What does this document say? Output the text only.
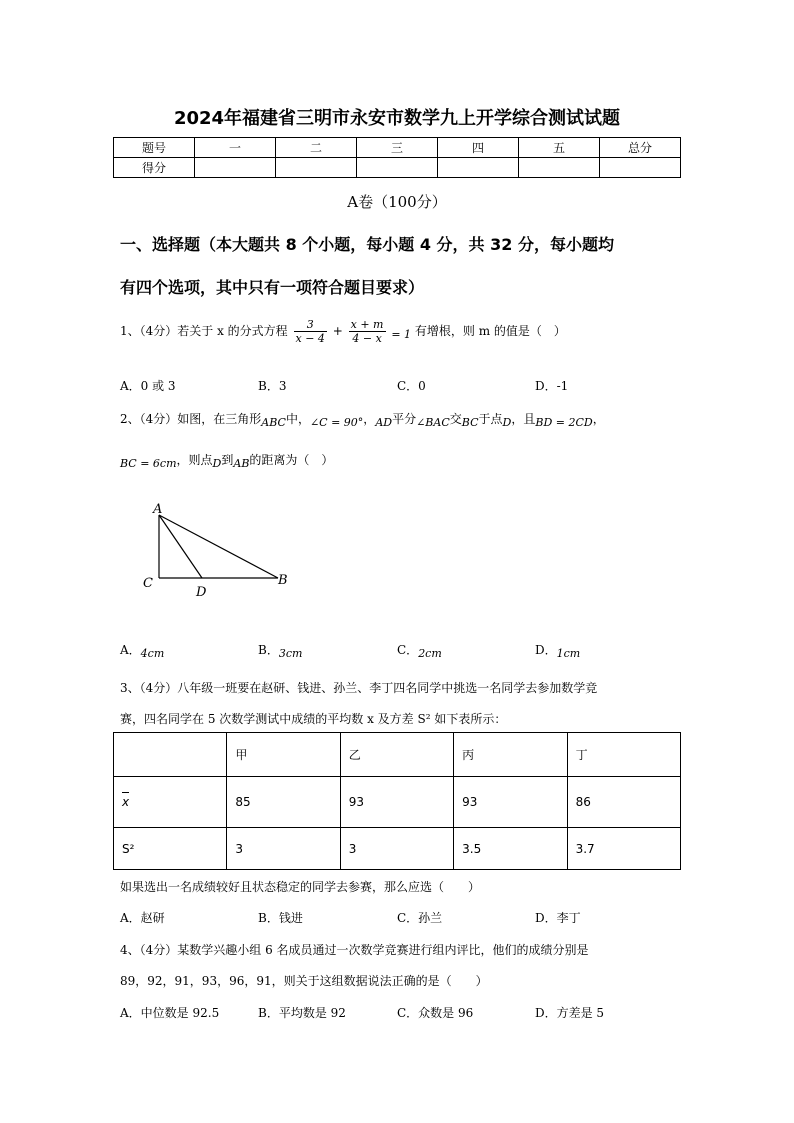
2024年福建省三明市永安市数学九上开学综合测试试题
题号	一	二	三	四	五	总分
得分						
A卷（100分）
一、选择题（本大题共 8 个小题，每小题 4 分，共 32 分，每小题均
有四个选项，其中只有一项符合题目要求）
1、（4分）若关于 x 的分式方程 $\frac{3}{x - 4} + \frac{x + m}{4 - x} = 1$ 有增根，则 m 的值是（　）
A．0 或 3	B．3	C．0	D．-1
2、（4分）如图，在三角形ABC中，∠C = 90°，AD平分∠BAC交BC于点D，且BD = 2CD，
BC = 6cm，则点D到AB的距离为（　）
A
C
D
B
A．4cm	B．3cm	C．2cm	D．1cm
3、（4分）八年级一班要在赵研、钱进、孙兰、李丁四名同学中挑选一名同学去参加数学竞
赛，四名同学在 5 次数学测试中成绩的平均数 x 及方差 S² 如下表所示：
	甲	乙	丙	丁
x	85	93	93	86
S²	3	3	3.5	3.7
如果选出一名成绩较好且状态稳定的同学去参赛，那么应选（　　）
A．赵研	B．钱进	C．孙兰	D．李丁
4、（4分）某数学兴趣小组 6 名成员通过一次数学竞赛进行组内评比，他们的成绩分别是
89，92，91，93，96，91，则关于这组数据说法正确的是（　　）
A．中位数是 92.5	B．平均数是 92	C．众数是 96	D．方差是 5
